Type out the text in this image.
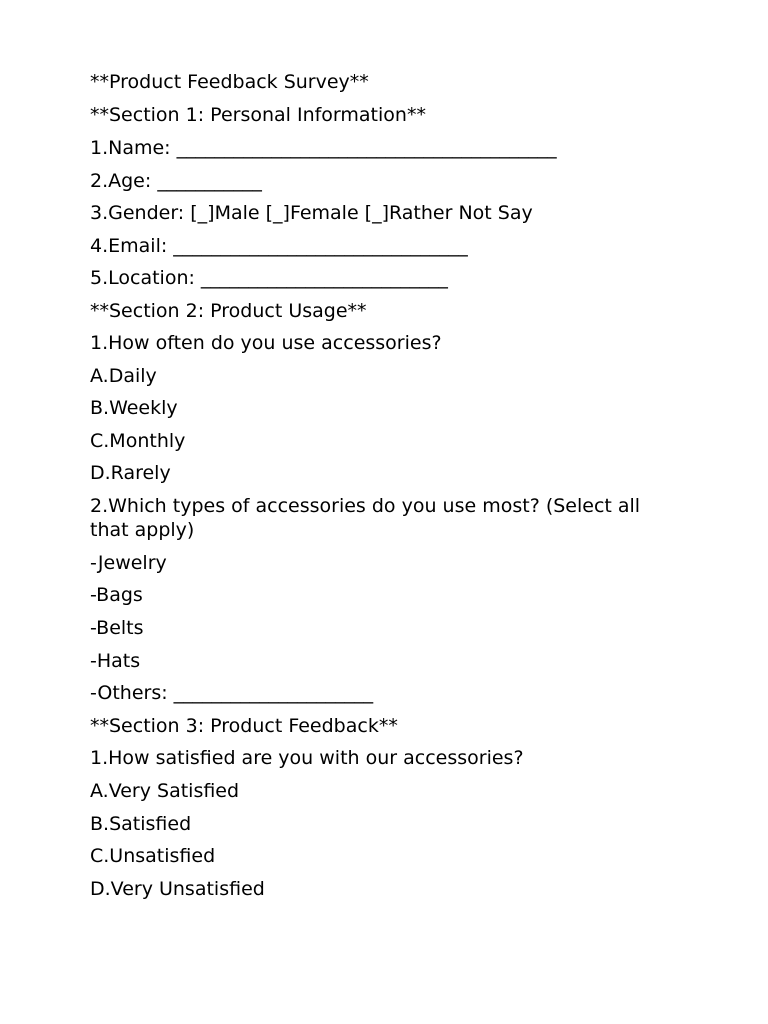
**Product Feedback Survey**

**Section 1: Personal Information**

1.Name: ________________________________________

2.Age: ___________

3.Gender: [_]Male [_]Female [_]Rather Not Say

4.Email: _______________________________

5.Location: __________________________

**Section 2: Product Usage**

1.How often do you use accessories?

A.Daily

B.Weekly

C.Monthly

D.Rarely

2.Which types of accessories do you use most? (Select all that apply)

-Jewelry

-Bags

-Belts

-Hats

-Others: _____________________

**Section 3: Product Feedback**

1.How satisfied are you with our accessories?

A.Very Satisfied

B.Satisfied

C.Unsatisfied

D.Very Unsatisfied
